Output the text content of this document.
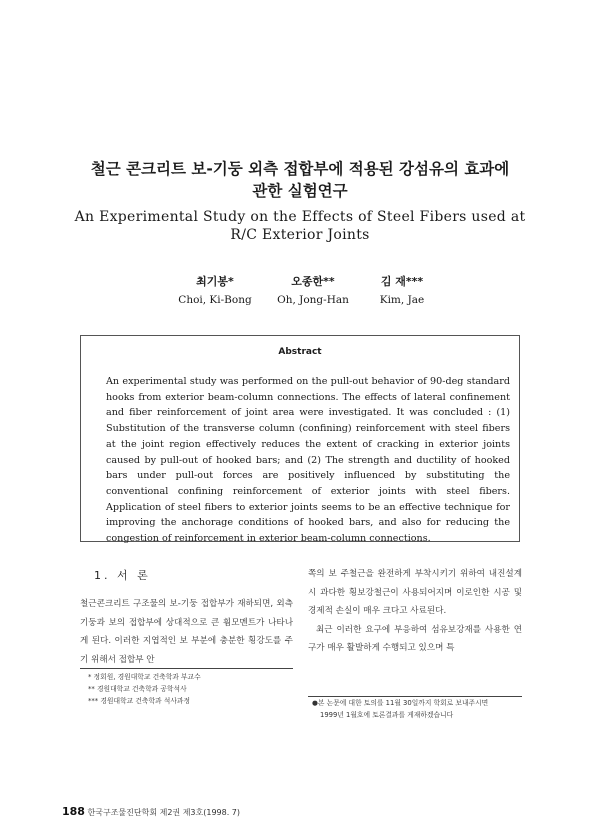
철근 콘크리트 보-기둥 외측 접합부에 적용된 강섬유의 효과에
관한 실험연구
An Experimental Study on the Effects of Steel Fibers used at
R/C Exterior Joints
최기봉*
Choi, Ki-Bong
오종한**
Oh, Jong-Han
김 재***
Kim, Jae
Abstract
An experimental study was performed on the pull-out behavior of 90-deg standard hooks from exterior beam-column connections. The effects of lateral confinement and fiber reinforcement of joint area were investigated. It was concluded : (1) Substitution of the transverse column (confining) reinforcement with steel fibers at the joint region effectively reduces the extent of cracking in exterior joints caused by pull-out of hooked bars; and (2) The strength and ductility of hooked bars under pull-out forces are positively influenced by substituting the conventional confining reinforcement of exterior joints with steel fibers. Application of steel fibers to exterior joints seems to be an effective technique for improving the anchorage conditions of hooked bars, and also for reducing the congestion of reinforcement in exterior beam-column connections.
1. 서 론
철근콘크리트 구조물의 보-기둥 접합부가 재하되면, 외측 기둥과 보의 접합부에 상대적으로 큰 휨모멘트가 나타나게 된다. 이러한 지엽적인 보 부분에 충분한 횡강도를 주기 위해서 접합부 안
* 정회원, 경원대학교 건축학과 부교수
** 경원대학교 건축학과 공학석사
*** 경원대학교 건축학과 석사과정
쪽의 보 주철근을 완전하게 부착시키기 위하여 내진설계시 과다한 횡보강철근이 사용되어지며 이로인한 시공 및 경제적 손실이 매우 크다고 사료된다.
최근 이러한 요구에 부응하여 섬유보강재를 사용한 연구가 매우 활발하게 수행되고 있으며 특
●본 논문에 대한 토의를 11월 30일까지 학회로 보내주시면
1999년 1월호에 토론결과를 게재하겠습니다
188 한국구조물진단학회 제2권 제3호(1998. 7)
